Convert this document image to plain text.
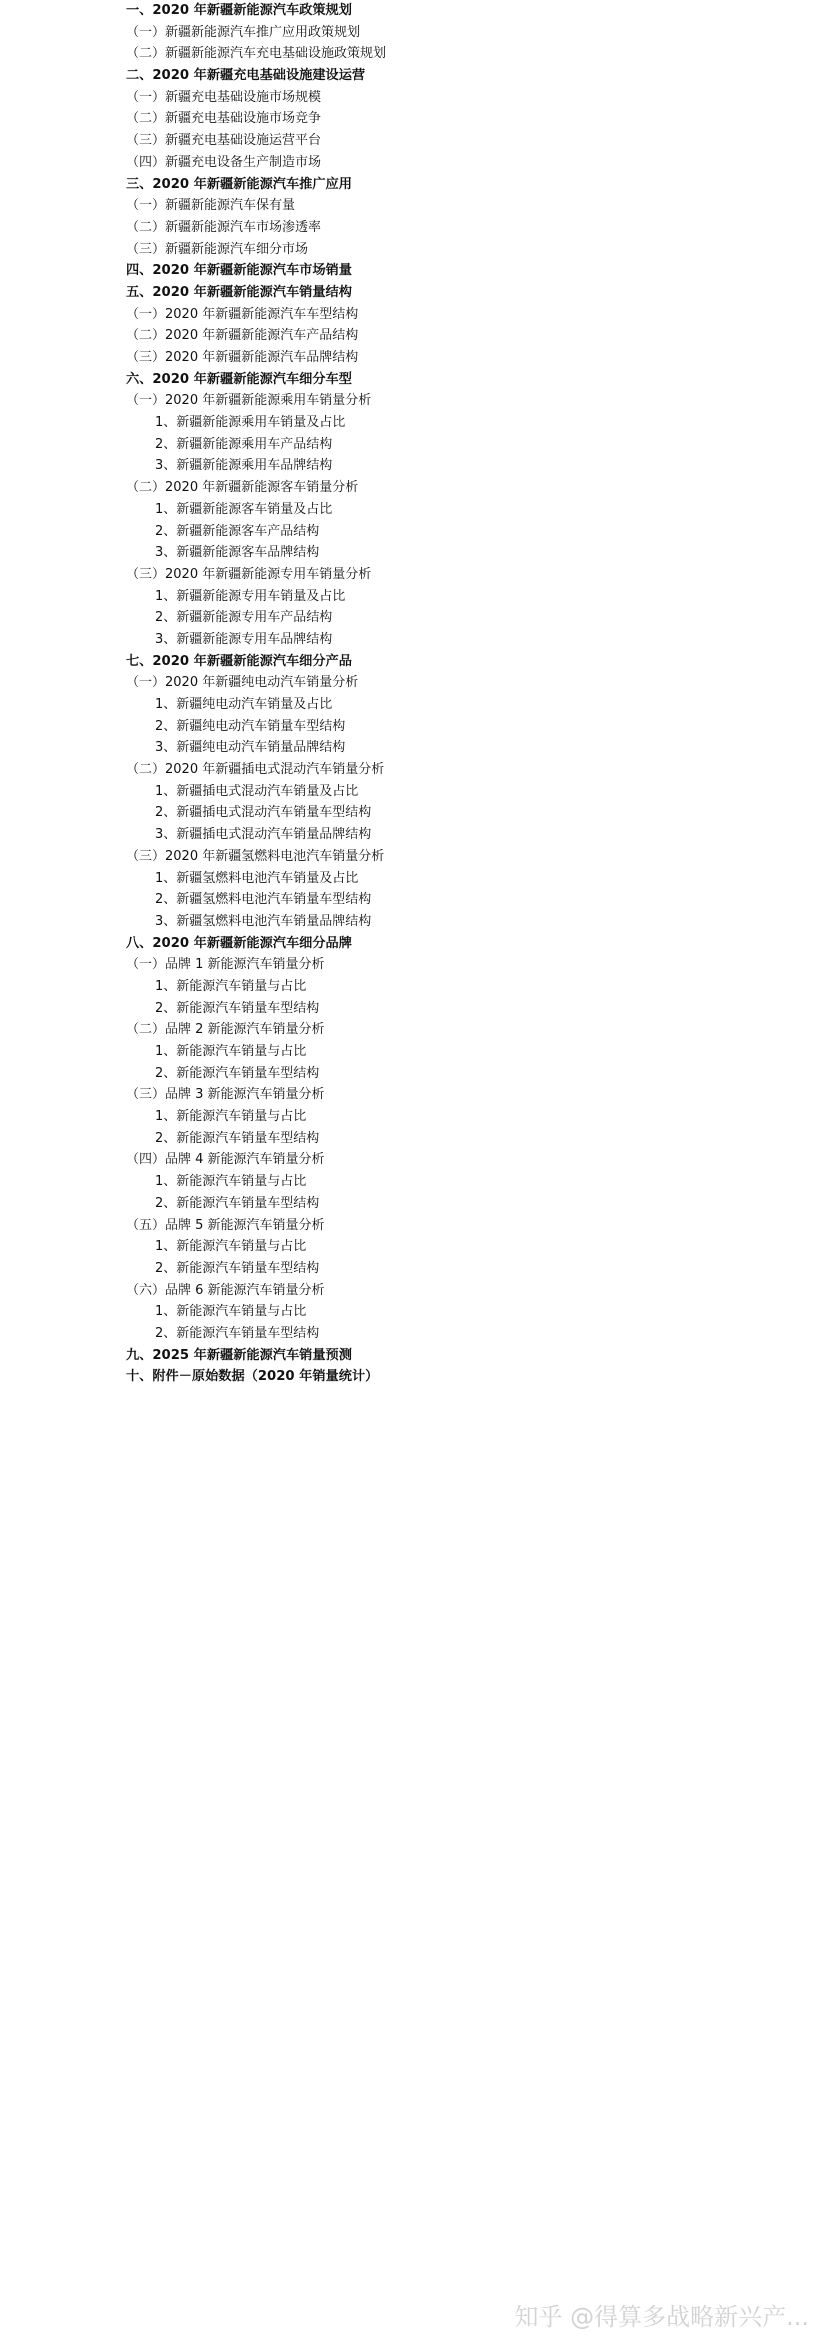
一、2020 年新疆新能源汽车政策规划
（一）新疆新能源汽车推广应用政策规划
（二）新疆新能源汽车充电基础设施政策规划
二、2020 年新疆充电基础设施建设运营
（一）新疆充电基础设施市场规模
（二）新疆充电基础设施市场竞争
（三）新疆充电基础设施运营平台
（四）新疆充电设备生产制造市场
三、2020 年新疆新能源汽车推广应用
（一）新疆新能源汽车保有量
（二）新疆新能源汽车市场渗透率
（三）新疆新能源汽车细分市场
四、2020 年新疆新能源汽车市场销量
五、2020 年新疆新能源汽车销量结构
（一）2020 年新疆新能源汽车车型结构
（二）2020 年新疆新能源汽车产品结构
（三）2020 年新疆新能源汽车品牌结构
六、2020 年新疆新能源汽车细分车型
（一）2020 年新疆新能源乘用车销量分析
1、新疆新能源乘用车销量及占比
2、新疆新能源乘用车产品结构
3、新疆新能源乘用车品牌结构
（二）2020 年新疆新能源客车销量分析
1、新疆新能源客车销量及占比
2、新疆新能源客车产品结构
3、新疆新能源客车品牌结构
（三）2020 年新疆新能源专用车销量分析
1、新疆新能源专用车销量及占比
2、新疆新能源专用车产品结构
3、新疆新能源专用车品牌结构
七、2020 年新疆新能源汽车细分产品
（一）2020 年新疆纯电动汽车销量分析
1、新疆纯电动汽车销量及占比
2、新疆纯电动汽车销量车型结构
3、新疆纯电动汽车销量品牌结构
（二）2020 年新疆插电式混动汽车销量分析
1、新疆插电式混动汽车销量及占比
2、新疆插电式混动汽车销量车型结构
3、新疆插电式混动汽车销量品牌结构
（三）2020 年新疆氢燃料电池汽车销量分析
1、新疆氢燃料电池汽车销量及占比
2、新疆氢燃料电池汽车销量车型结构
3、新疆氢燃料电池汽车销量品牌结构
八、2020 年新疆新能源汽车细分品牌
（一）品牌 1 新能源汽车销量分析
1、新能源汽车销量与占比
2、新能源汽车销量车型结构
（二）品牌 2 新能源汽车销量分析
1、新能源汽车销量与占比
2、新能源汽车销量车型结构
（三）品牌 3 新能源汽车销量分析
1、新能源汽车销量与占比
2、新能源汽车销量车型结构
（四）品牌 4 新能源汽车销量分析
1、新能源汽车销量与占比
2、新能源汽车销量车型结构
（五）品牌 5 新能源汽车销量分析
1、新能源汽车销量与占比
2、新能源汽车销量车型结构
（六）品牌 6 新能源汽车销量分析
1、新能源汽车销量与占比
2、新能源汽车销量车型结构
九、2025 年新疆新能源汽车销量预测
十、附件－原始数据（2020 年销量统计）
知乎 @得算多战略新兴产...
